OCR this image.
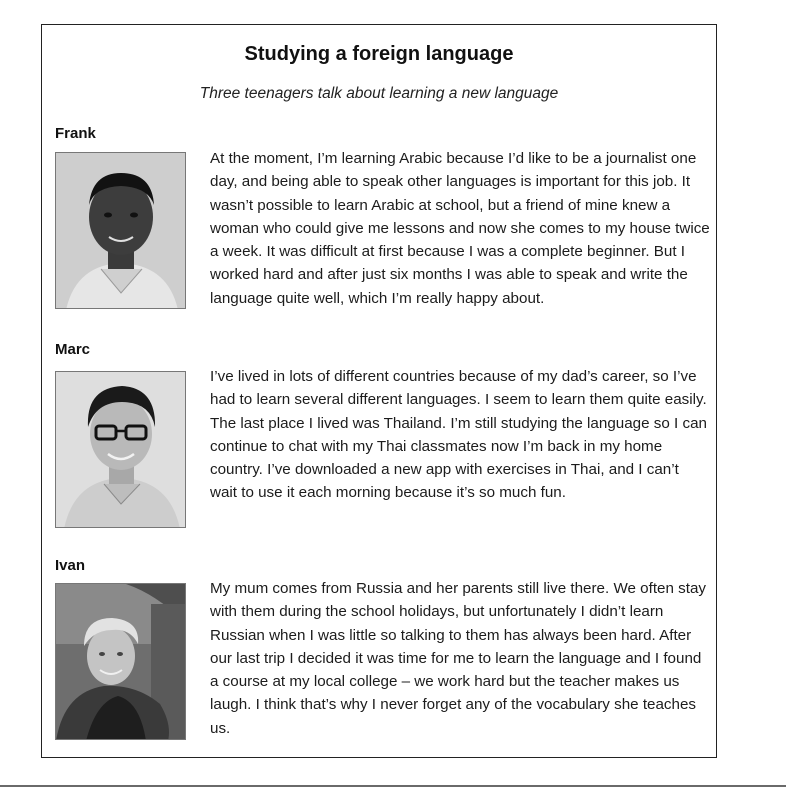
Studying a foreign language
Three teenagers talk about learning a new language
Frank

At the moment, I’m learning Arabic because I’d like to be a journalist one day, and being able to speak other languages is important for this job. It wasn’t possible to learn Arabic at school, but a friend of mine knew a woman who could give me lessons and now she comes to my house twice a week. It was difficult at first because I was a complete beginner. But I worked hard and after just six months I was able to speak and write the language quite well, which I’m really happy about.

Marc

I’ve lived in lots of different countries because of my dad’s career, so I’ve had to learn several different languages. I seem to learn them quite easily. The last place I lived was Thailand. I’m still studying the language so I can continue to chat with my Thai classmates now I’m back in my home country. I’ve downloaded a new app with exercises in Thai, and I can’t wait to use it each morning because it’s so much fun.

Ivan

My mum comes from Russia and her parents still live there. We often stay with them during the school holidays, but unfortunately I didn’t learn Russian when I was little so talking to them has always been hard. After our last trip I decided it was time for me to learn the language and I found a course at my local college – we work hard but the teacher makes us laugh. I think that’s why I never forget any of the vocabulary she teaches us.
